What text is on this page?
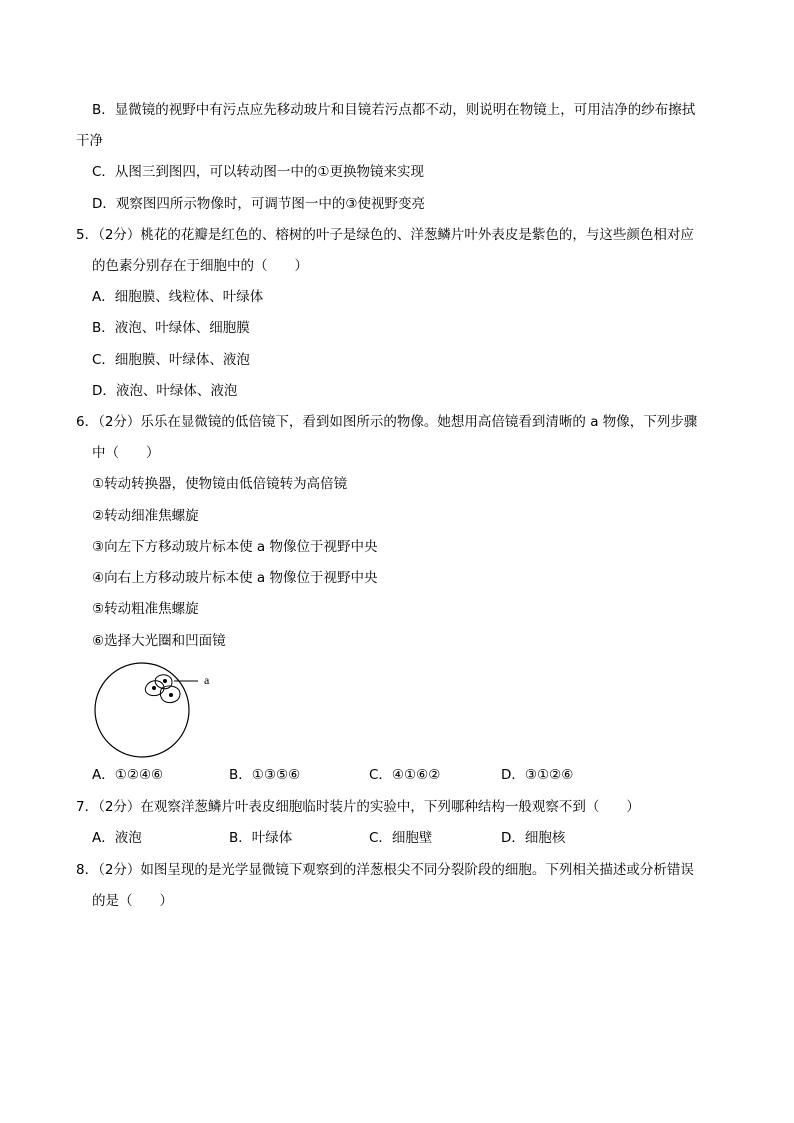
B．显微镜的视野中有污点应先移动玻片和目镜若污点都不动，则说明在物镜上，可用洁净的纱布擦拭
干净
C．从图三到图四，可以转动图一中的①更换物镜来实现
D．观察图四所示物像时，可调节图一中的③使视野变亮
5．（2分）桃花的花瓣是红色的、榕树的叶子是绿色的、洋葱鳞片叶外表皮是紫色的，与这些颜色相对应
的色素分别存在于细胞中的（　　）
A．细胞膜、线粒体、叶绿体
B．液泡、叶绿体、细胞膜
C．细胞膜、叶绿体、液泡
D．液泡、叶绿体、液泡
6．（2分）乐乐在显微镜的低倍镜下，看到如图所示的物像。她想用高倍镜看到清晰的 a 物像，下列步骤
中（　　）
①转动转换器，使物镜由低倍镜转为高倍镜
②转动细准焦螺旋
③向左下方移动玻片标本使 a 物像位于视野中央
④向右上方移动玻片标本使 a 物像位于视野中央
⑤转动粗准焦螺旋
⑥选择大光圈和凹面镜
a
A．①②④⑥	B．①③⑤⑥	C．④①⑥②	D．③①②⑥
7．（2分）在观察洋葱鳞片叶表皮细胞临时装片的实验中，下列哪种结构一般观察不到（　　）
A．液泡	B．叶绿体	C．细胞壁	D．细胞核
8．（2分）如图呈现的是光学显微镜下观察到的洋葱根尖不同分裂阶段的细胞。下列相关描述或分析错误
的是（　　）
